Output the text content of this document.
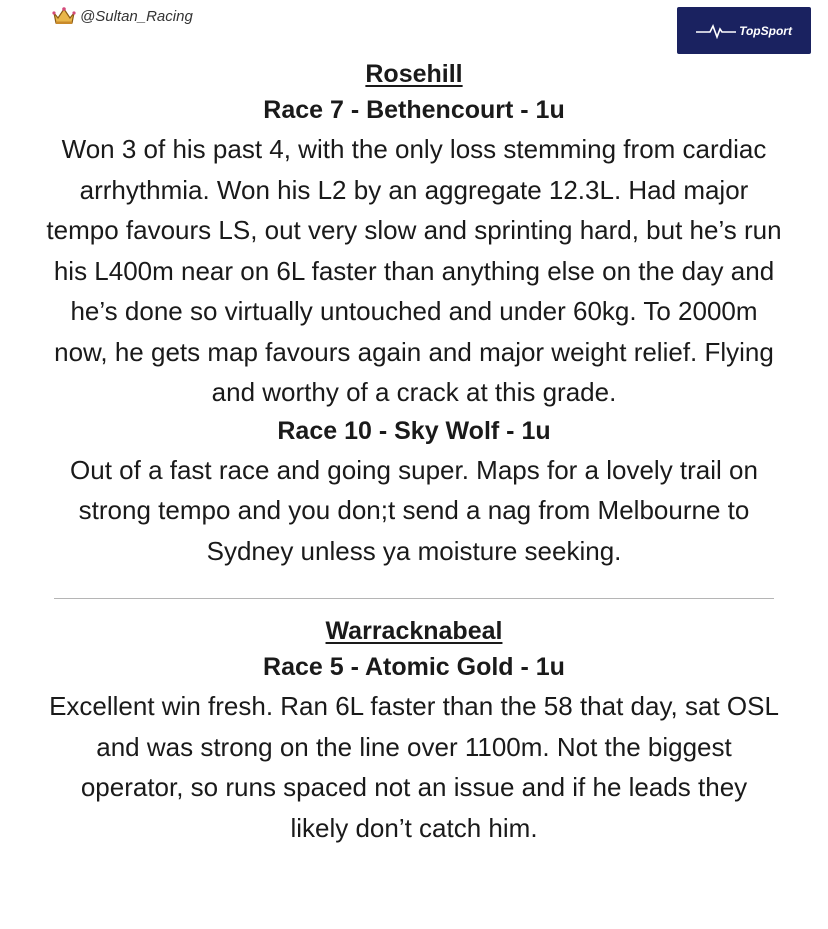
@Sultan_Racing
TopSport

Rosehill

Race 7 - Bethencourt - 1u

Won 3 of his past 4, with the only loss stemming from cardiac arrhythmia. Won his L2 by an aggregate 12.3L. Had major tempo favours LS, out very slow and sprinting hard, but he’s run his L400m near on 6L faster than anything else on the day and he’s done so virtually untouched and under 60kg. To 2000m now, he gets map favours again and major weight relief. Flying and worthy of a crack at this grade.

Race 10 - Sky Wolf - 1u

Out of a fast race and going super. Maps for a lovely trail on strong tempo and you don;t send a nag from Melbourne to Sydney unless ya moisture seeking.

Warracknabeal

Race 5 - Atomic Gold - 1u

Excellent win fresh. Ran 6L faster than the 58 that day, sat OSL and was strong on the line over 1100m. Not the biggest operator, so runs spaced not an issue and if he leads they likely don’t catch him.
